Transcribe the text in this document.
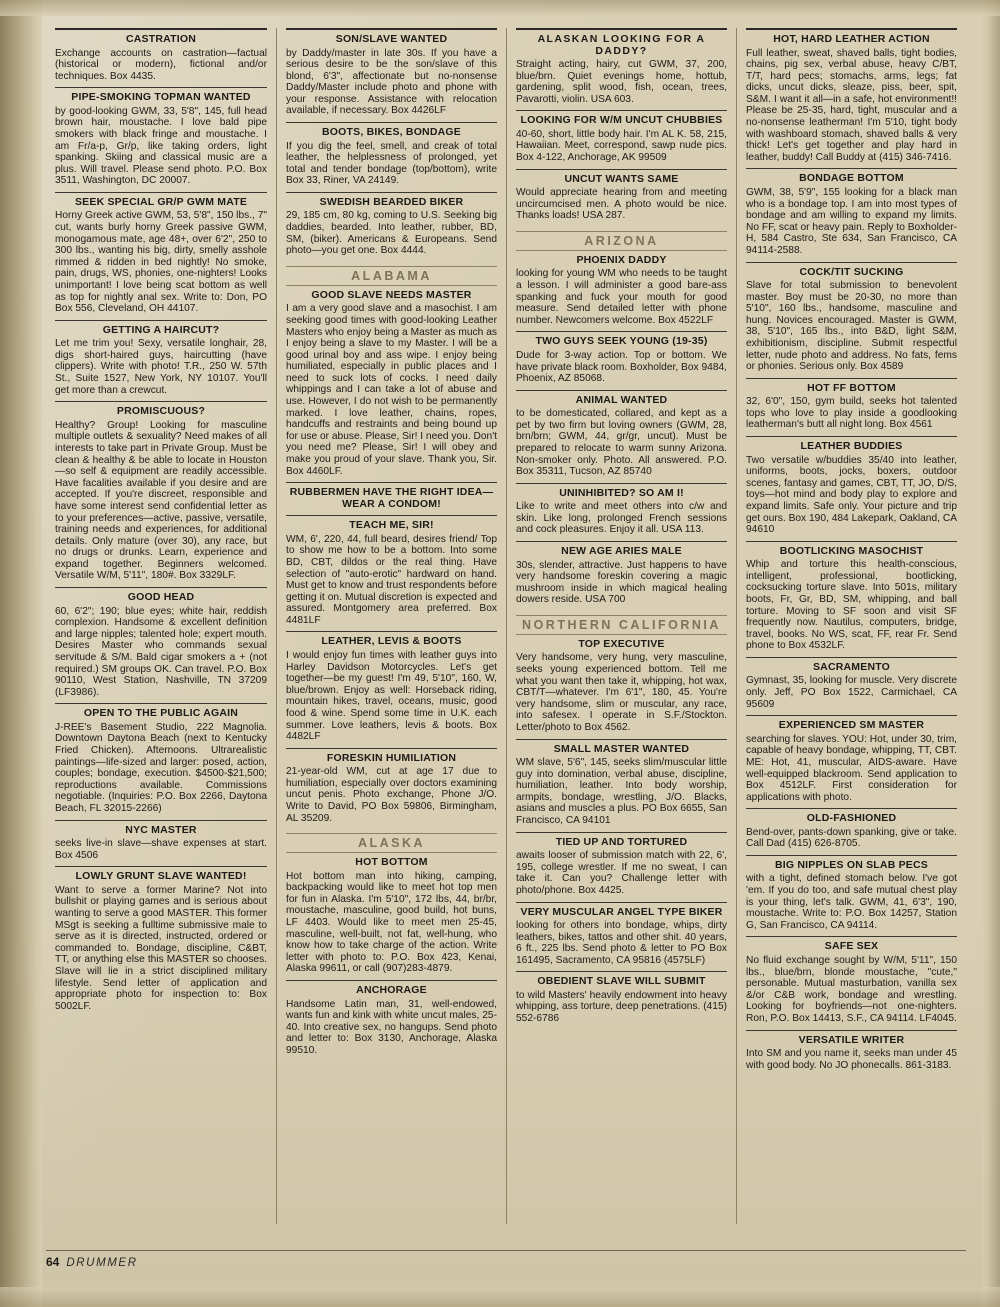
CASTRATION

Exchange accounts on castration—factual (historical or modern), fictional and/or techniques. Box 4435.

PIPE-SMOKING TOPMAN WANTED

by good-looking GWM, 33, 5'8", 145, full head brown hair, moustache. I love bald pipe smokers with black fringe and moustache. I am Fr/a-p, Gr/p, like taking orders, light spanking. Skiing and classical music are a plus. Will travel. Please send photo. P.O. Box 3511, Washington, DC 20007.

SEEK SPECIAL GR/P GWM MATE

Horny Greek active GWM, 53, 5'8", 150 lbs., 7" cut, wants burly horny Greek passive GWM, monogamous mate, age 48+, over 6'2", 250 to 300 lbs., wanting his big, dirty, smelly asshole rimmed & ridden in bed nightly! No smoke, pain, drugs, WS, phonies, one-nighters! Looks unimportant! I love being scat bottom as well as top for nightly anal sex. Write to: Don, PO Box 556, Cleveland, OH 44107.

GETTING A HAIRCUT?

Let me trim you! Sexy, versatile longhair, 28, digs short-haired guys, haircutting (have clippers). Write with photo! T.R., 250 W. 57th St., Suite 1527, New York, NY 10107. You'll get more than a crewcut.

PROMISCUOUS?

Healthy? Group! Looking for masculine multiple outlets & sexuality? Need makes of all interests to take part in Private Group. Must be clean & healthy & be able to locate in Houston—so self & equipment are readily accessible. Have facalities available if you desire and are accepted. If you're discreet, responsible and have some interest send confidential letter as to your preferences—active, passive, versatile, training needs and experiences, for additional details. Only mature (over 30), any race, but no drugs or drunks. Learn, experience and expand together. Beginners welcomed. Versatile W/M, 5'11", 180#. Box 3329LF.

GOOD HEAD

60, 6'2"; 190; blue eyes; white hair, reddish complexion. Handsome & excellent definition and large nipples; talented hole; expert mouth. Desires Master who commands sexual servitude & S/M. Bald cigar smokers a + (not required.) SM groups OK. Can travel. P.O. Box 90110, West Station, Nashville, TN 37209 (LF3986).

OPEN TO THE PUBLIC AGAIN

J-REE's Basement Studio, 222 Magnolia. Downtown Daytona Beach (next to Kentucky Fried Chicken). Afternoons. Ultrarealistic paintings—life-sized and larger: posed, action, couples; bondage, execution. $4500-$21,500; reproductions available. Commissions negotiable. (Inquiries: P.O. Box 2266, Daytona Beach, FL 32015-2266)

NYC MASTER

seeks live-in slave—shave expenses at start. Box 4506

LOWLY GRUNT SLAVE WANTED!

Want to serve a former Marine? Not into bullshit or playing games and is serious about wanting to serve a good MASTER. This former MSgt is seeking a fulltime submissive male to serve as it is directed, instructed, ordered or commanded to. Bondage, discipline, C&BT, TT, or anything else this MASTER so chooses. Slave will lie in a strict disciplined military lifestyle. Send letter of application and appropriate photo for inspection to: Box 5002LF.

SON/SLAVE WANTED

by Daddy/master in late 30s. If you have a serious desire to be the son/slave of this blond, 6'3", affectionate but no-nonsense Daddy/Master include photo and phone with your response. Assistance with relocation available, if necessary. Box 4426LF

BOOTS, BIKES, BONDAGE

If you dig the feel, smell, and creak of total leather, the helplessness of prolonged, yet total and tender bondage (top/bottom), write Box 33, Riner, VA 24149.

SWEDISH BEARDED BIKER

29, 185 cm, 80 kg, coming to U.S. Seeking big daddies, bearded. Into leather, rubber, BD, SM, (biker). Americans & Europeans. Send photo—you get one. Box 4444.

ALABAMA
GOOD SLAVE NEEDS MASTER

I am a very good slave and a masochist. I am seeking good times with good-looking Leather Masters who enjoy being a Master as much as I enjoy being a slave to my Master. I will be a good urinal boy and ass wipe. I enjoy being humiliated, especially in public places and I need to suck lots of cocks. I need daily whippings and I can take a lot of abuse and use. However, I do not wish to be permanently marked. I love leather, chains, ropes, handcuffs and restraints and being bound up for use or abuse. Please, Sir! I need you. Don't you need me? Please, Sir! I will obey and make you proud of your slave. Thank you, Sir. Box 4460LF.

RUBBERMEN HAVE THE RIGHT IDEA—WEAR A CONDOM!
TEACH ME, SIR!

WM, 6', 220, 44, full beard, desires friend/ Top to show me how to be a bottom. Into some BD, CBT, dildos or the real thing. Have selection of "auto-erotic" hardward on hand. Must get to know and trust respondents before getting it on. Mutual discretion is expected and assured. Montgomery area preferred. Box 4481LF

LEATHER, LEVIS & BOOTS

I would enjoy fun times with leather guys into Harley Davidson Motorcycles. Let's get together—be my guest! I'm 49, 5'10", 160, W, blue/brown. Enjoy as well: Horseback riding, mountain hikes, travel, oceans, music, good food & wine. Spend some time in U.K. each summer. Love leathers, levis & boots. Box 4482LF

FORESKIN HUMILIATION

21-year-old WM, cut at age 17 due to humiliation, especially over doctors examining uncut penis. Photo exchange, Phone J/O. Write to David, PO Box 59806, Birmingham, AL 35209.

ALASKA
HOT BOTTOM

Hot bottom man into hiking, camping, backpacking would like to meet hot top men for fun in Alaska. I'm 5'10", 172 lbs, 44, br/br, moustache, masculine, good build, hot buns, LF 4403. Would like to meet men 25-45, masculine, well-built, not fat, well-hung, who know how to take charge of the action. Write letter with photo to: P.O. Box 423, Kenai, Alaska 99611, or call (907)283-4879.

ANCHORAGE

Handsome Latin man, 31, well-endowed, wants fun and kink with white uncut males, 25-40. Into creative sex, no hangups. Send photo and letter to: Box 3130, Anchorage, Alaska 99510.

ALASKAN LOOKING FOR A DADDY?

Straight acting, hairy, cut GWM, 37, 200, blue/brn. Quiet evenings home, hottub, gardening, split wood, fish, ocean, trees, Pavarotti, violin. USA 603.

LOOKING FOR W/M UNCUT CHUBBIES

40-60, short, little body hair. I'm AL K. 58, 215, Hawaiian. Meet, correspond, sawp nude pics. Box 4-122, Anchorage, AK 99509

UNCUT WANTS SAME

Would appreciate hearing from and meeting uncircumcised men. A photo would be nice. Thanks loads! USA 287.

ARIZONA
PHOENIX DADDY

looking for young WM who needs to be taught a lesson. I will administer a good bare-ass spanking and fuck your mouth for good measure. Send detailed letter with phone number. Newcomers welcome. Box 4522LF

TWO GUYS SEEK YOUNG (19-35)

Dude for 3-way action. Top or bottom. We have private black room. Boxholder, Box 9484, Phoenix, AZ 85068.

ANIMAL WANTED

to be domesticated, collared, and kept as a pet by two firm but loving owners (GWM, 28, brn/brn; GWM, 44, gr/gr, uncut). Must be prepared to relocate to warm sunny Arizona. Non-smoker only. Photo. All answered. P.O. Box 35311, Tucson, AZ 85740

UNINHIBITED? SO AM I!

Like to write and meet others into c/w and skin. Like long, prolonged French sessions and cock pleasures. Enjoy it all. USA 113.

NEW AGE ARIES MALE

30s, slender, attractive. Just happens to have very handsome foreskin covering a magic mushroom inside in which magical healing dowers reside. USA 700

NORTHERN CALIFORNIA
TOP EXECUTIVE

Very handsome, very hung, very masculine, seeks young experienced bottom. Tell me what you want then take it, whipping, hot wax, CBT/T—whatever. I'm 6'1", 180, 45. You're very handsome, slim or muscular, any race, into safesex. I operate in S.F./Stockton. Letter/photo to Box 4562.

SMALL MASTER WANTED

WM slave, 5'6", 145, seeks slim/muscular little guy into domination, verbal abuse, discipline, humiliation, leather. Into body worship, armpits, bondage, wrestling, J/O. Blacks, asians and muscles a plus. PO Box 6655, San Francisco, CA 94101

TIED UP AND TORTURED

awaits looser of submission match with 22, 6', 195, college wrestler. If me no sweat, I can take it. Can you? Challenge letter with photo/phone. Box 4425.

VERY MUSCULAR ANGEL TYPE BIKER

looking for others into bondage, whips, dirty leathers, bikes, tattos and other shit. 40 years, 6 ft., 225 lbs. Send photo & letter to PO Box 161495, Sacramento, CA 95816 (4575LF)

OBEDIENT SLAVE WILL SUBMIT

to wild Masters' heavily endowment into heavy whipping, ass torture, deep penetrations. (415) 552-6786

HOT, HARD LEATHER ACTION

Full leather, sweat, shaved balls, tight bodies, chains, pig sex, verbal abuse, heavy C/BT, T/T, hard pecs; stomachs, arms, legs; fat dicks, uncut dicks, sleaze, piss, beer, spit, S&M. I want it all—in a safe, hot environment!! Please be 25-35, hard, tight, muscular and a no-nonsense leatherman! I'm 5'10, tight body with washboard stomach, shaved balls & very thick! Let's get together and play hard in leather, buddy! Call Buddy at (415) 346-7416.

BONDAGE BOTTOM

GWM, 38, 5'9", 155 looking for a black man who is a bondage top. I am into most types of bondage and am willing to expand my limits. No FF, scat or heavy pain. Reply to Boxholder-H, 584 Castro, Ste 634, San Francisco, CA 94114-2588.

COCK/TIT SUCKING

Slave for total submission to benevolent master. Boy must be 20-30, no more than 5'10", 160 lbs., handsome, masculine and hung. Novices encouraged. Master is GWM, 38, 5'10", 165 lbs., into B&D, light S&M, exhibitionism, discipline. Submit respectful letter, nude photo and address. No fats, fems or phonies. Serious only. Box 4589

HOT FF BOTTOM

32, 6'0", 150, gym build, seeks hot talented tops who love to play inside a goodlooking leatherman's butt all night long. Box 4561

LEATHER BUDDIES

Two versatile w/buddies 35/40 into leather, uniforms, boots, jocks, boxers, outdoor scenes, fantasy and games, CBT, TT, JO, D/S, toys—hot mind and body play to explore and expand limits. Safe only. Your picture and trip get ours. Box 190, 484 Lakepark, Oakland, CA 94610

BOOTLICKING MASOCHIST

Whip and torture this health-conscious, intelligent, professional, bootlicking, cocksucking torture slave. Into 501s, military boots, Fr, Gr, BD, SM, whipping, and ball torture. Moving to SF soon and visit SF frequently now. Nautilus, computers, bridge, travel, books. No WS, scat, FF, rear Fr. Send phone to Box 4532LF.

SACRAMENTO

Gymnast, 35, looking for muscle. Very discrete only. Jeff, PO Box 1522, Carmichael, CA 95609

EXPERIENCED SM MASTER

searching for slaves. YOU: Hot, under 30, trim, capable of heavy bondage, whipping, TT, CBT. ME: Hot, 41, muscular, AIDS-aware. Have well-equipped blackroom. Send application to Box 4512LF. First consideration for applications with photo.

OLD-FASHIONED

Bend-over, pants-down spanking, give or take. Call Dad (415) 626-8705.

BIG NIPPLES ON SLAB PECS

with a tight, defined stomach below. I've got 'em. If you do too, and safe mutual chest play is your thing, let's talk. GWM, 41, 6'3", 190, moustache. Write to: P.O. Box 14257, Station G, San Francisco, CA 94114.

SAFE SEX

No fluid exchange sought by W/M, 5'11", 150 lbs., blue/brn, blonde moustache, "cute," personable. Mutual masturbation, vanilla sex &/or C&B work, bondage and wrestling. Looking for boyfriends—not one-nighters. Ron, P.O. Box 14413, S.F., CA 94114. LF4045.

VERSATILE WRITER

Into SM and you name it, seeks man under 45 with good body. No JO phonecalls. 861-3183.

64 DRUMMER
